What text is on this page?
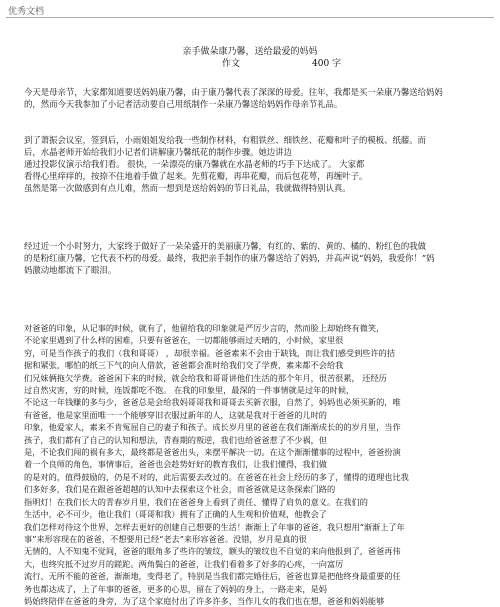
优秀文档
亲手做朵康乃馨，送给最爱的妈妈
作文	400 字
今天是母亲节，大家都知道要送妈妈康乃馨，由于康乃馨代表了深深的母爱。往年，我都是买一朵康乃馨送给妈妈
的，然而今天我参加了小记者活动要自己用纸制作一朵康乃馨送给妈妈作母亲节礼品。
到了萧振会议室，签到后，小雨姐姐发给我一些制作材料，有粗铁丝、细铁丝、花瓣和叶子的模板、纸藤。而
后，水晶老师开始给我们小记者们讲解康乃馨纸花的制作步骤。她边讲边
通过投影仪演示给我们看。 很快，一朵漂亮的康乃馨就在水晶老师的巧手下达成了。 大家都
看得心里痒痒的，按捺不住地着手做了起来。先剪花瓣，再串花瓣，而后包花萼，再缠叶子。
虽然是第一次做感到有点儿难，然而一想到是送给妈妈的节日礼品，我就做得特别认真。
经过近一个小时努力，大家终于做好了一朵朵盛开的美丽康乃馨，有红的、紫的、黄的、橘的、粉红色的我做
的是粉红康乃馨，它代表不朽的母爱。最终，我把亲手制作的康乃馨送给了妈妈，并高声说“妈妈，我爱你！”妈
妈激动地都流下了眼泪。
对爸爸的印象，从记事的时候，就有了，他留给我的印象就是严厉少言的，然而脸上却始终有微笑，
不论家里遇到了什么样的困难，只要有爸爸在，一切都能够雨过天晴的，小时候，家里很
穷，可是当作孩子的我们（我和哥哥） ，却很幸福。爸爸素来不会由于缺钱，而让我们感受到些许的拮
据和紧张，哪怕的纸三下气的向人借款，爸爸都会准时给我们交了学费，素来都不会给我
们兄妹俩拖欠学费。爸爸闲下来的时候，就会给我和哥哥讲他们生活的那个年月，很苦很累， 还经历
过自然灾害，穷的时候，连饭都吃不饱。 在我的印象里，最深的一件事情就是过年的时候，
不论这一年钱赚的多与少，爸爸总是会给我妈哥哥我和哥哥去买新衣服，自然了，妈妈也必须买新的，唯
有爸爸，他是家里面唯一一个能够穿旧衣服过新年的人，这就是我对于爸爸的儿时的
印象，他爱家人，素来不肯冤屈自己的妻子和孩子。成长岁月里的爸爸在我们渐渐成长的的岁月里，当作
孩子，我们都有了自己的认知和想法，青春期的叛逆，我们也给爸爸惹了不少祸，但
是，不论我们闯的祸有多大，最终都是爸爸出头，来摆平解决一切。在这个渐渐懂事的过程中，爸爸扮演
着一个良师的角色，事情事后，爸爸也会趁势好好的教育我们，让我们懂得，我们做
的是对的，值得鼓励的，仍是不对的，此后需要去改过的。在爸爸在社会上经历的多了，懂得的道理也比我
们多好多，我们是在跟爸爸超越的认知中去探索这个社会，而爸爸就是这条探索门路的
指明灯！在我们长大的青春岁月里，我们在爸爸身上看到了责任、懂得了肩负的意义。在我们的
生活中，必不可少，他让我们（哥哥和我）拥有了正确的人生观和价值观，他教会了
我们怎样对待这个世界，怎样去更好的创建自己想要的生活！渐渐上了年事的爸爸，我只想用“渐渐上了年
事”来形容现在的爸爸，不想要用已经“老去”来形容爸爸。没错，岁月是真的很
无情的，人不知鬼不觉间，爸爸的眼角多了些许的皱纹，额头的皱纹也不自觉的来向他报到了，爸爸再伟
大，也终究抵不过岁月的蹉跎。两角鬓白的爸爸，让我们看着多了好多的心疼，一向富厉
流行、无所不能的爸爸，渐渐地，变得老了，特别是当我们都完婚住后，爸爸也算是把他终身最重要的任
务也都达成了，上了年事的爸爸，更多的心思，留在了妈妈的身上，一路走来，是妈
妈始终陪伴在爸爸的身旁，为了这个家庭付出了许多许多，当作儿女的我们也在想，爸爸和妈妈能够
